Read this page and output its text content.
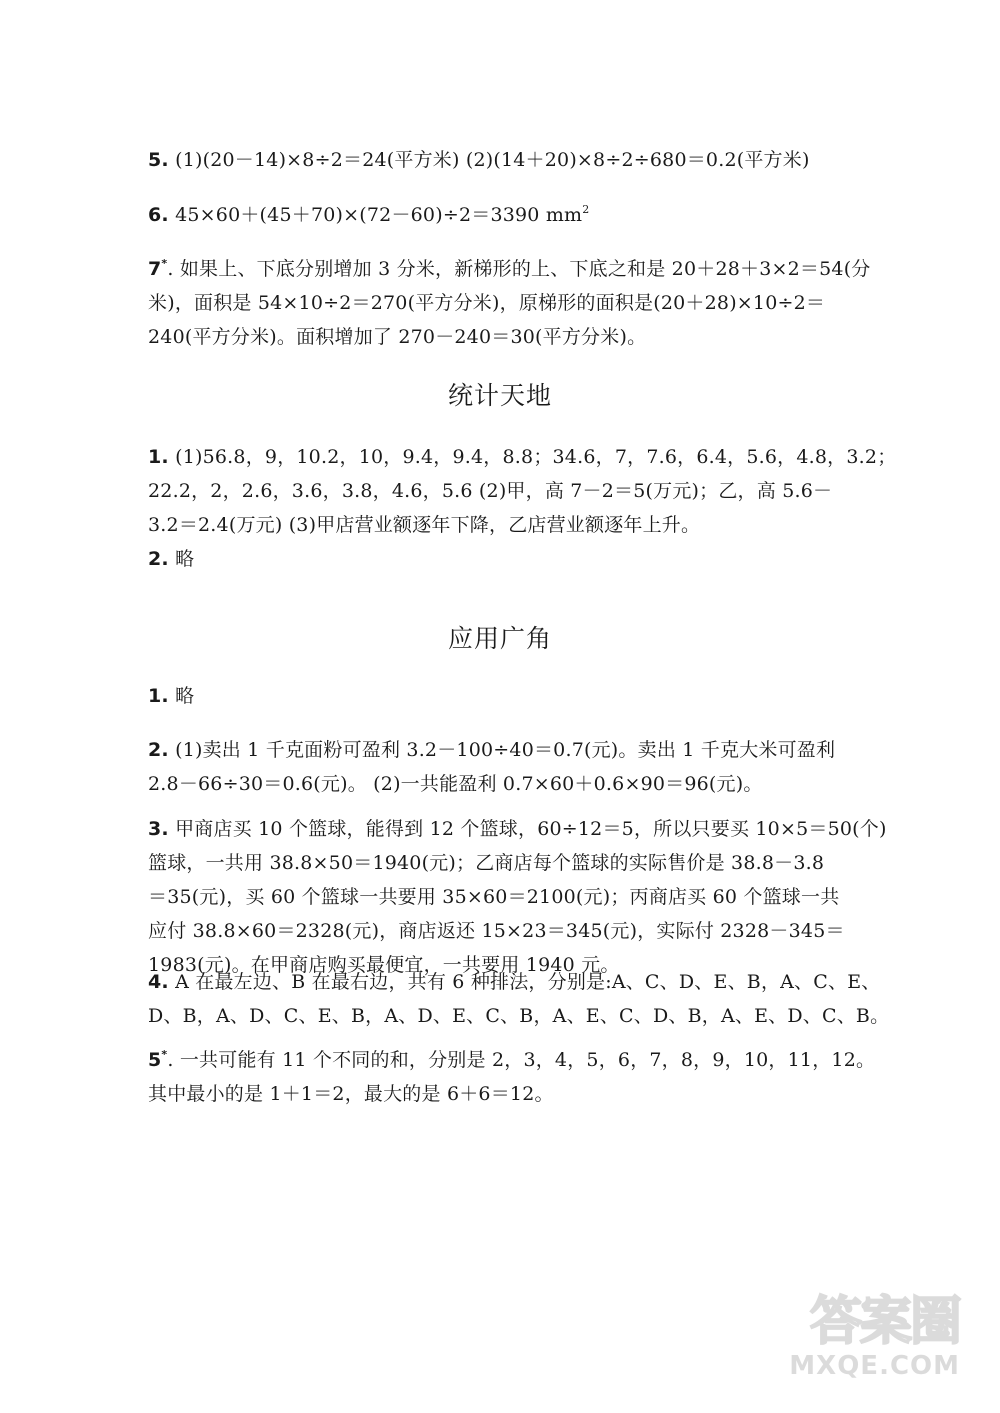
5. (1)(20－14)×8÷2＝24(平方米) (2)(14＋20)×8÷2÷680＝0.2(平方米)
6. 45×60＋(45＋70)×(72－60)÷2＝3390 $mm^2$
7*. 如果上、下底分别增加 3 分米，新梯形的上、下底之和是 20＋28＋3×2＝54(分
米)，面积是 54×10÷2＝270(平方分米)，原梯形的面积是(20＋28)×10÷2＝
240(平方分米)。面积增加了 270－240＝30(平方分米)。
统计天地
1. (1)56.8，9，10.2，10，9.4，9.4，8.8；34.6，7，7.6，6.4，5.6，4.8，3.2；
22.2，2，2.6，3.6，3.8，4.6，5.6 (2)甲，高 7－2＝5(万元)；乙，高 5.6－
3.2＝2.4(万元) (3)甲店营业额逐年下降，乙店营业额逐年上升。
2. 略
应用广角
1. 略
2. (1)卖出 1 千克面粉可盈利 3.2－100÷40＝0.7(元)。卖出 1 千克大米可盈利
2.8－66÷30＝0.6(元)。 (2)一共能盈利 0.7×60＋0.6×90＝96(元)。
3. 甲商店买 10 个篮球，能得到 12 个篮球，60÷12＝5，所以只要买 10×5＝50(个)
篮球，一共用 38.8×50＝1940(元)；乙商店每个篮球的实际售价是 38.8－3.8
＝35(元)，买 60 个篮球一共要用 35×60＝2100(元)；丙商店买 60 个篮球一共
应付 38.8×60＝2328(元)，商店返还 15×23＝345(元)，实际付 2328－345＝
1983(元)。在甲商店购买最便宜，一共要用 1940 元。
4. A 在最左边、B 在最右边，共有 6 种排法，分别是:A、C、D、E、B，A、C、E、
D、B，A、D、C、E、B，A、D、E、C、B，A、E、C、D、B，A、E、D、C、B。
5*. 一共可能有 11 个不同的和，分别是 2，3，4，5，6，7，8，9，10，11，12。
其中最小的是 1＋1＝2，最大的是 6＋6＝12。
答案圈
MXQE.COM
